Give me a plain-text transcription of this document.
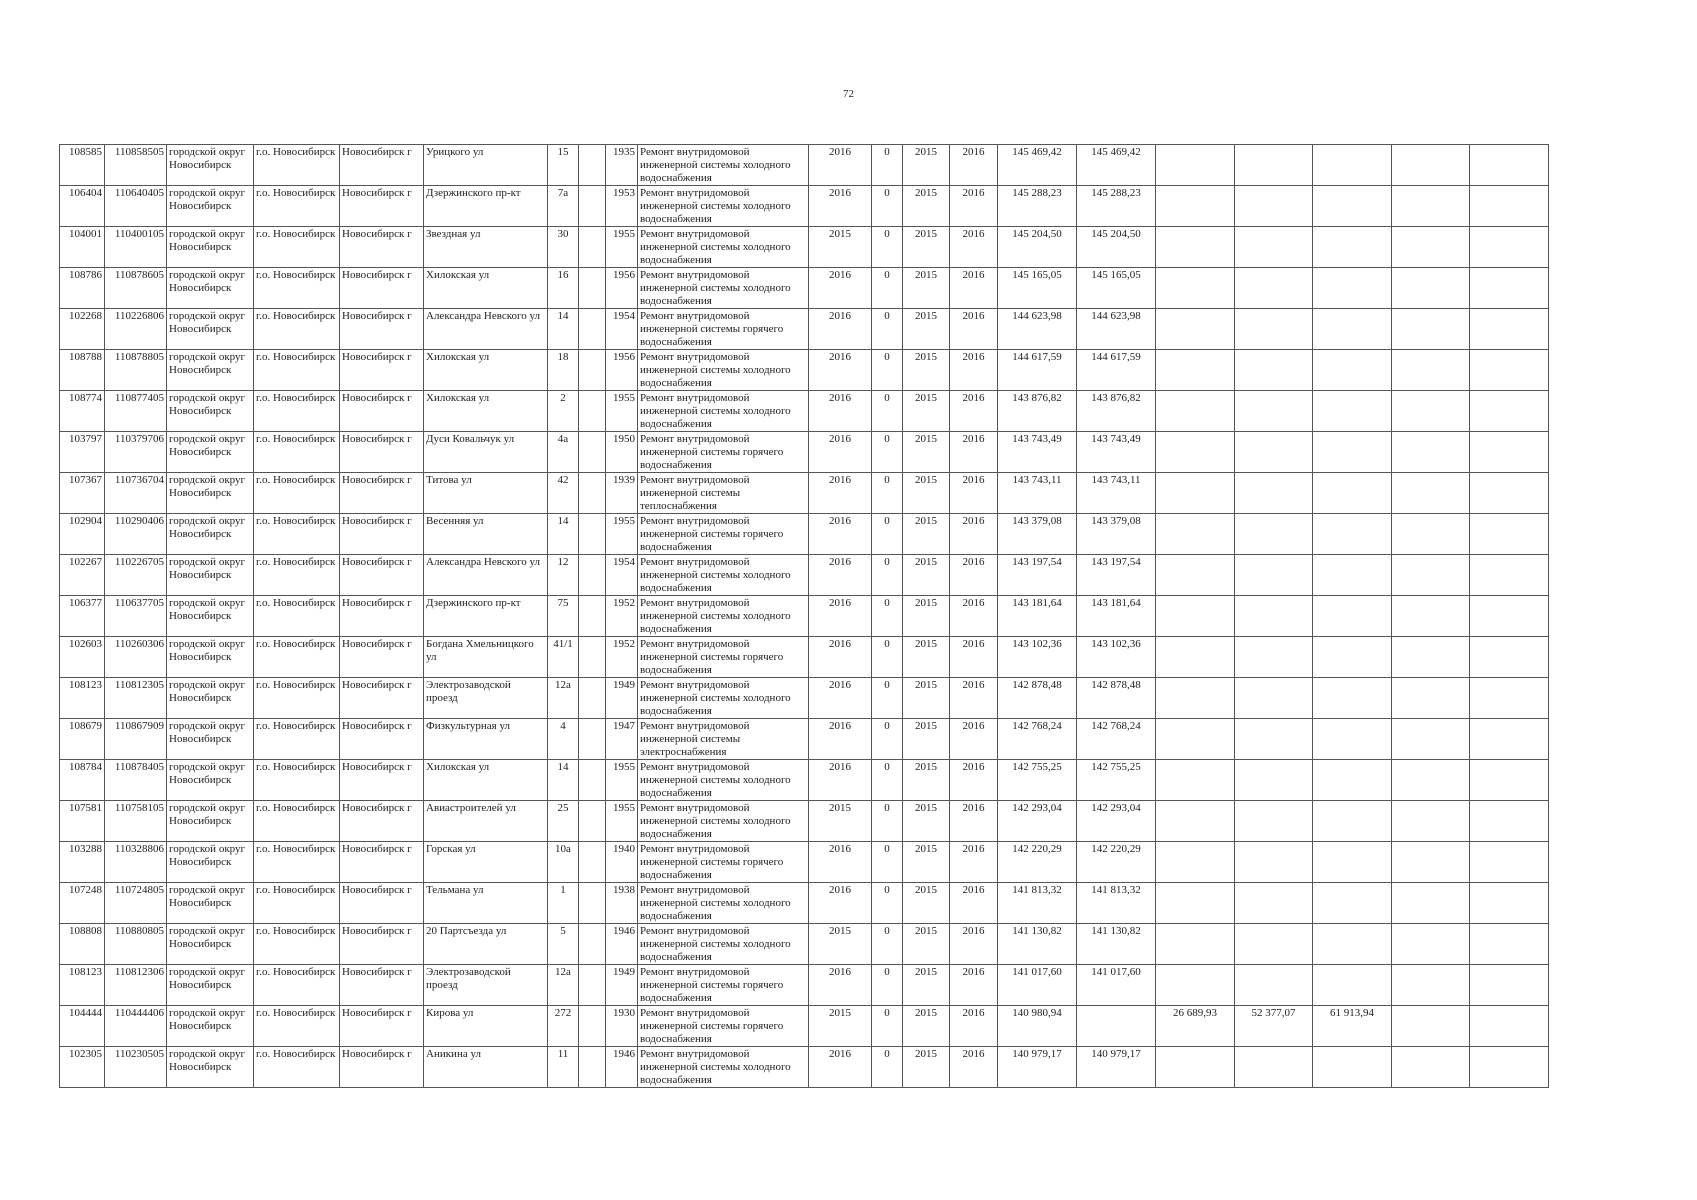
72
108585	110858505	городской округ Новосибирск	г.о. Новосибирск	Новосибирск г	Урицкого ул	15		1935	Ремонт внутридомовой инженерной системы холодного водоснабжения	2016	0	2015	2016	145 469,42	145 469,42					
106404	110640405	городской округ Новосибирск	г.о. Новосибирск	Новосибирск г	Дзержинского пр-кт	7а		1953	Ремонт внутридомовой инженерной системы холодного водоснабжения	2016	0	2015	2016	145 288,23	145 288,23					
104001	110400105	городской округ Новосибирск	г.о. Новосибирск	Новосибирск г	Звездная ул	30		1955	Ремонт внутридомовой инженерной системы холодного водоснабжения	2015	0	2015	2016	145 204,50	145 204,50					
108786	110878605	городской округ Новосибирск	г.о. Новосибирск	Новосибирск г	Хилокская ул	16		1956	Ремонт внутридомовой инженерной системы холодного водоснабжения	2016	0	2015	2016	145 165,05	145 165,05					
102268	110226806	городской округ Новосибирск	г.о. Новосибирск	Новосибирск г	Александра Невского ул	14		1954	Ремонт внутридомовой инженерной системы горячего водоснабжения	2016	0	2015	2016	144 623,98	144 623,98					
108788	110878805	городской округ Новосибирск	г.о. Новосибирск	Новосибирск г	Хилокская ул	18		1956	Ремонт внутридомовой инженерной системы холодного водоснабжения	2016	0	2015	2016	144 617,59	144 617,59					
108774	110877405	городской округ Новосибирск	г.о. Новосибирск	Новосибирск г	Хилокская ул	2		1955	Ремонт внутридомовой инженерной системы холодного водоснабжения	2016	0	2015	2016	143 876,82	143 876,82					
103797	110379706	городской округ Новосибирск	г.о. Новосибирск	Новосибирск г	Дуси Ковальчук ул	4а		1950	Ремонт внутридомовой инженерной системы горячего водоснабжения	2016	0	2015	2016	143 743,49	143 743,49					
107367	110736704	городской округ Новосибирск	г.о. Новосибирск	Новосибирск г	Титова ул	42		1939	Ремонт внутридомовой инженерной системы теплоснабжения	2016	0	2015	2016	143 743,11	143 743,11					
102904	110290406	городской округ Новосибирск	г.о. Новосибирск	Новосибирск г	Весенняя ул	14		1955	Ремонт внутридомовой инженерной системы горячего водоснабжения	2016	0	2015	2016	143 379,08	143 379,08					
102267	110226705	городской округ Новосибирск	г.о. Новосибирск	Новосибирск г	Александра Невского ул	12		1954	Ремонт внутридомовой инженерной системы холодного водоснабжения	2016	0	2015	2016	143 197,54	143 197,54					
106377	110637705	городской округ Новосибирск	г.о. Новосибирск	Новосибирск г	Дзержинского пр-кт	75		1952	Ремонт внутридомовой инженерной системы холодного водоснабжения	2016	0	2015	2016	143 181,64	143 181,64					
102603	110260306	городской округ Новосибирск	г.о. Новосибирск	Новосибирск г	Богдана Хмельницкого ул	41/1		1952	Ремонт внутридомовой инженерной системы горячего водоснабжения	2016	0	2015	2016	143 102,36	143 102,36					
108123	110812305	городской округ Новосибирск	г.о. Новосибирск	Новосибирск г	Электрозаводской проезд	12а		1949	Ремонт внутридомовой инженерной системы холодного водоснабжения	2016	0	2015	2016	142 878,48	142 878,48					
108679	110867909	городской округ Новосибирск	г.о. Новосибирск	Новосибирск г	Физкультурная ул	4		1947	Ремонт внутридомовой инженерной системы электроснабжения	2016	0	2015	2016	142 768,24	142 768,24					
108784	110878405	городской округ Новосибирск	г.о. Новосибирск	Новосибирск г	Хилокская ул	14		1955	Ремонт внутридомовой инженерной системы холодного водоснабжения	2016	0	2015	2016	142 755,25	142 755,25					
107581	110758105	городской округ Новосибирск	г.о. Новосибирск	Новосибирск г	Авиастроителей ул	25		1955	Ремонт внутридомовой инженерной системы холодного водоснабжения	2015	0	2015	2016	142 293,04	142 293,04					
103288	110328806	городской округ Новосибирск	г.о. Новосибирск	Новосибирск г	Горская ул	10а		1940	Ремонт внутридомовой инженерной системы горячего водоснабжения	2016	0	2015	2016	142 220,29	142 220,29					
107248	110724805	городской округ Новосибирск	г.о. Новосибирск	Новосибирск г	Тельмана ул	1		1938	Ремонт внутридомовой инженерной системы холодного водоснабжения	2016	0	2015	2016	141 813,32	141 813,32					
108808	110880805	городской округ Новосибирск	г.о. Новосибирск	Новосибирск г	20 Партсъезда ул	5		1946	Ремонт внутридомовой инженерной системы холодного водоснабжения	2015	0	2015	2016	141 130,82	141 130,82					
108123	110812306	городской округ Новосибирск	г.о. Новосибирск	Новосибирск г	Электрозаводской проезд	12а		1949	Ремонт внутридомовой инженерной системы горячего водоснабжения	2016	0	2015	2016	141 017,60	141 017,60					
104444	110444406	городской округ Новосибирск	г.о. Новосибирск	Новосибирск г	Кирова ул	272		1930	Ремонт внутридомовой инженерной системы горячего водоснабжения	2015	0	2015	2016	140 980,94		26 689,93	52 377,07	61 913,94		
102305	110230505	городской округ Новосибирск	г.о. Новосибирск	Новосибирск г	Аникина ул	11		1946	Ремонт внутридомовой инженерной системы холодного водоснабжения	2016	0	2015	2016	140 979,17	140 979,17					
